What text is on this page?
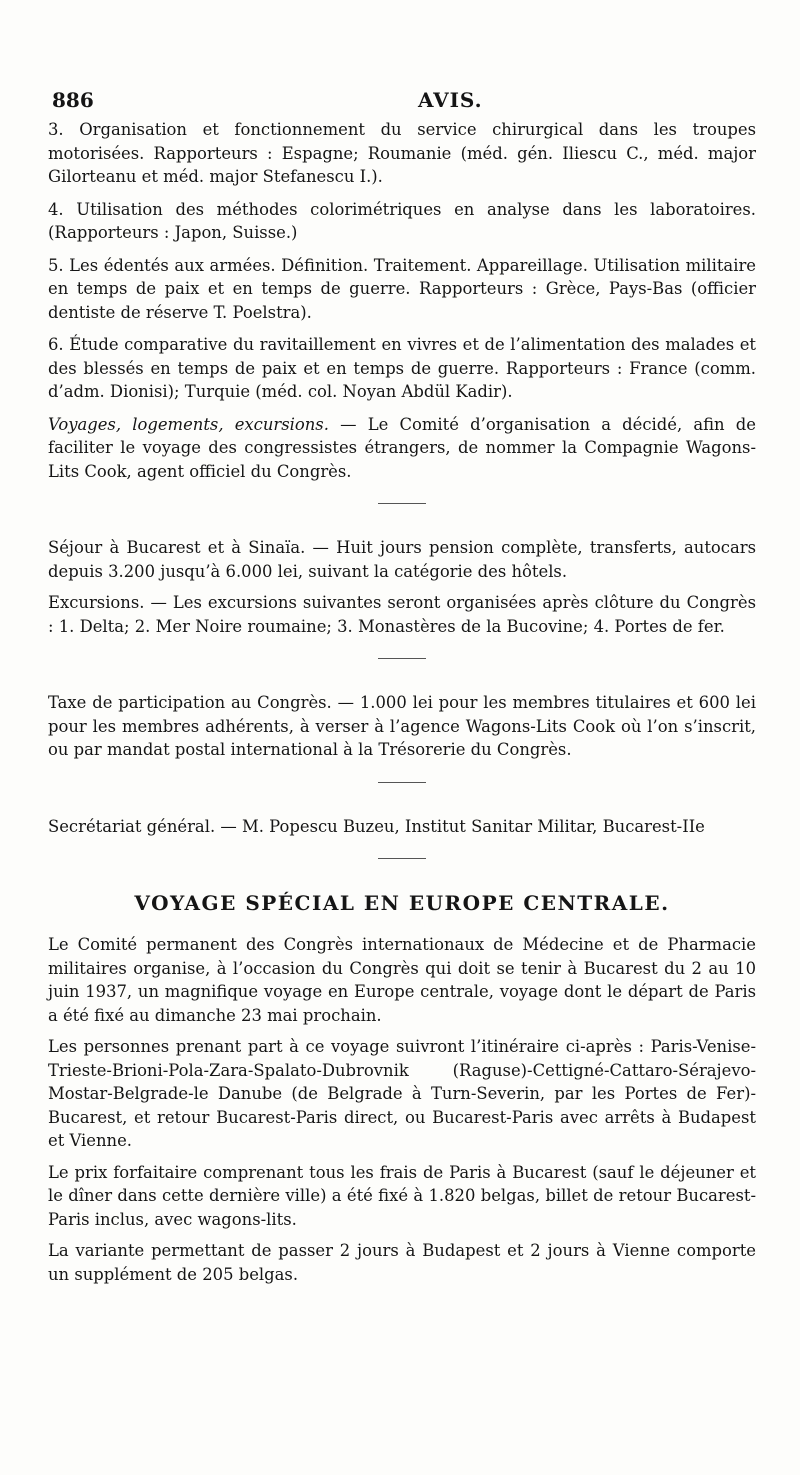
886	AVIS.

3. Organisation et fonctionnement du service chirurgical dans les troupes motorisées. Rapporteurs : Espagne; Roumanie (méd. gén. Iliescu C., méd. major Gilorteanu et méd. major Stefanescu I.).

4. Utilisation des méthodes colorimétriques en analyse dans les laboratoires. (Rapporteurs : Japon, Suisse.)

5. Les édentés aux armées. Définition. Traitement. Appareillage. Utilisation militaire en temps de paix et en temps de guerre. Rapporteurs : Grèce, Pays-Bas (officier dentiste de réserve T. Poelstra).

6. Étude comparative du ravitaillement en vivres et de l’alimentation des malades et des blessés en temps de paix et en temps de guerre. Rapporteurs : France (comm. d’adm. Dionisi); Turquie (méd. col. Noyan Abdül Kadir).

Voyages, logements, excursions. — Le Comité d’organisation a décidé, afin de faciliter le voyage des congressistes étrangers, de nommer la Compagnie Wagons-Lits Cook, agent officiel du Congrès.

Séjour à Bucarest et à Sinaïa. — Huit jours pension complète, transferts, autocars depuis 3.200 jusqu’à 6.000 lei, suivant la catégorie des hôtels.

Excursions. — Les excursions suivantes seront organisées après clôture du Congrès : 1. Delta; 2. Mer Noire roumaine; 3. Monastères de la Bucovine; 4. Portes de fer.

Taxe de participation au Congrès. — 1.000 lei pour les membres titulaires et 600 lei pour les membres adhérents, à verser à l’agence Wagons-Lits Cook où l’on s’inscrit, ou par mandat postal international à la Trésorerie du Congrès.

Secrétariat général. — M. Popescu Buzeu, Institut Sanitar Militar, Bucarest-IIe

VOYAGE SPÉCIAL EN EUROPE CENTRALE.

Le Comité permanent des Congrès internationaux de Médecine et de Pharmacie militaires organise, à l’occasion du Congrès qui doit se tenir à Bucarest du 2 au 10 juin 1937, un magnifique voyage en Europe centrale, voyage dont le départ de Paris a été fixé au dimanche 23 mai prochain.

Les personnes prenant part à ce voyage suivront l’itinéraire ci-après : Paris-Venise-Trieste-Brioni-Pola-Zara-Spalato-Dubrovnik (Raguse)-Cettigné-Cattaro-Sérajevo-Mostar-Belgrade-le Danube (de Belgrade à Turn-Severin, par les Portes de Fer)-Bucarest, et retour Bucarest-Paris direct, ou Bucarest-Paris avec arrêts à Budapest et Vienne.

Le prix forfaitaire comprenant tous les frais de Paris à Bucarest (sauf le déjeuner et le dîner dans cette dernière ville) a été fixé à 1.820 belgas, billet de retour Bucarest-Paris inclus, avec wagons-lits.

La variante permettant de passer 2 jours à Budapest et 2 jours à Vienne comporte un supplément de 205 belgas.
